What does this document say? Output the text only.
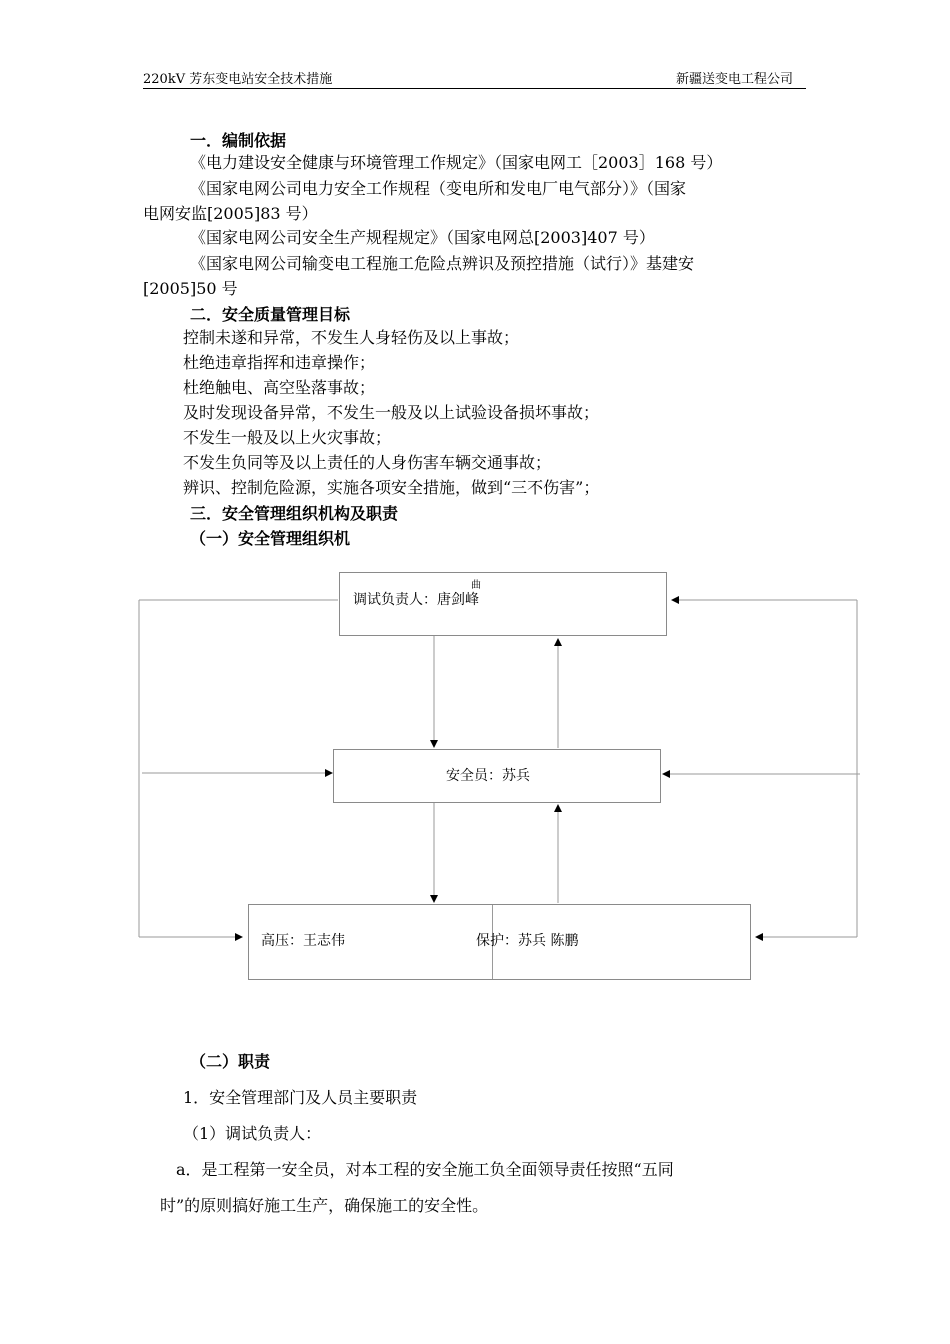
220kV 芳东变电站安全技术措施	新疆送变电工程公司
一．编制依据
《电力建设安全健康与环境管理工作规定》（国家电网工［2003］168 号）
《国家电网公司电力安全工作规程（变电所和发电厂电气部分）》（国家
电网安监[2005]83 号）
《国家电网公司安全生产规程规定》（国家电网总[2003]407 号）
《国家电网公司输变电工程施工危险点辨识及预控措施（试行）》基建安
[2005]50 号
二．安全质量管理目标
控制未遂和异常，不发生人身轻伤及以上事故；
杜绝违章指挥和违章操作；
杜绝触电、高空坠落事故；
及时发现设备异常，不发生一般及以上试验设备损坏事故；
不发生一般及以上火灾事故；
不发生负同等及以上责任的人身伤害车辆交通事故；
辨识、控制危险源，实施各项安全措施，做到“三不伤害”；
三．安全管理组织机构及职责
（一）安全管理组织机
调试负责人：唐剑峰
曲
安全员：苏兵
高压：王志伟	保护：苏兵 陈鹏
（二）职责
1．安全管理部门及人员主要职责
（1）调试负责人：
a．是工程第一安全员，对本工程的安全施工负全面领导责任按照“五同
时”的原则搞好施工生产，确保施工的安全性。
